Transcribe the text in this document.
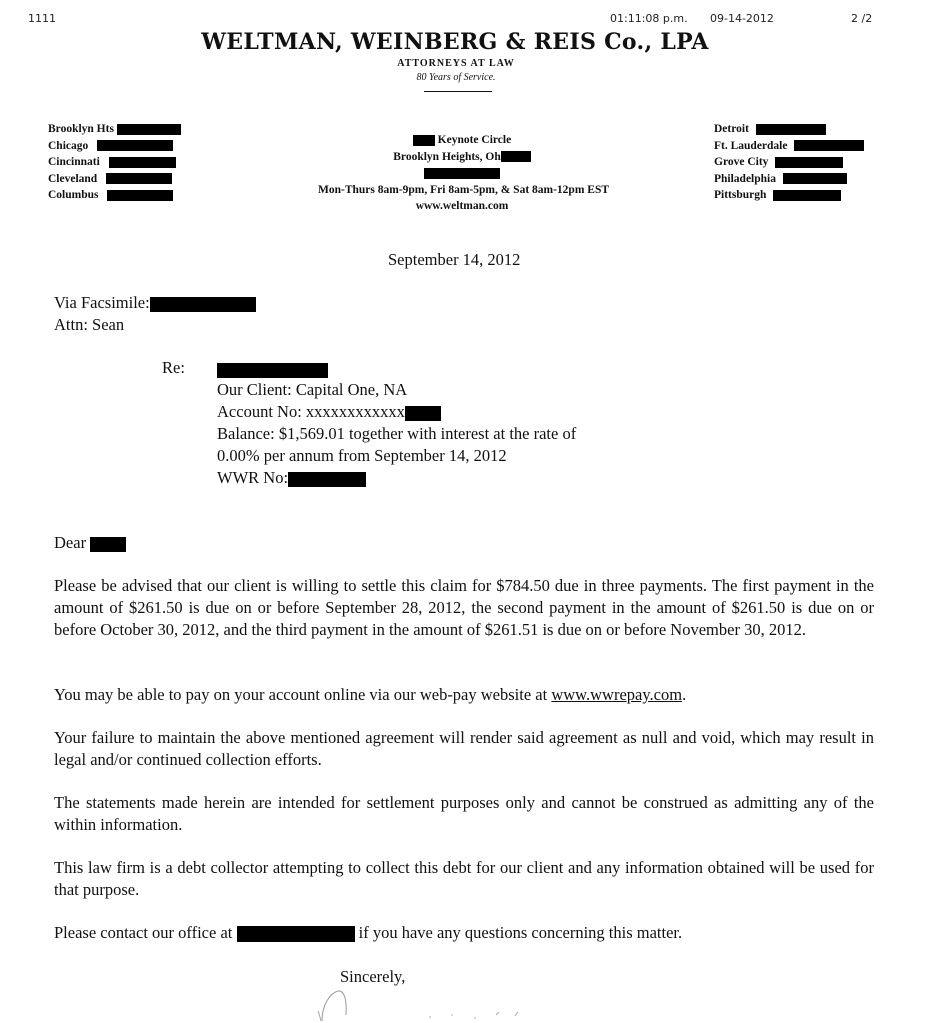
1111	01:11:08 p.m. 09-14-2012	2 /2
WELTMAN, WEINBERG & REIS Co., LPA
ATTORNEYS AT LAW
80 Years of Service.
Brooklyn Hts
Chicago
Cincinnati
Cleveland
Columbus
Keynote Circle
Brooklyn Heights, Oh
Mon-Thurs 8am-9pm, Fri 8am-5pm, & Sat 8am-12pm EST
www.weltman.com
Detroit
Ft. Lauderdale
Grove City
Philadelphia
Pittsburgh
September 14, 2012
Via Facsimile:
Attn: Sean
Re:
Our Client: Capital One, NA
Account No: xxxxxxxxxxxx
Balance: $1,569.01 together with interest at the rate of
0.00% per annum from September 14, 2012
WWR No:
Dear
Please be advised that our client is willing to settle this claim for $784.50 due in three payments. The first payment in the amount of $261.50 is due on or before September 28, 2012, the second payment in the amount of $261.50 is due on or before October 30, 2012, and the third payment in the amount of $261.51 is due on or before November 30, 2012.
You may be able to pay on your account online via our web-pay website at www.wwrepay.com.
Your failure to maintain the above mentioned agreement will render said agreement as null and void, which may result in legal and/or continued collection efforts.
The statements made herein are intended for settlement purposes only and cannot be construed as admitting any of the within information.
This law firm is a debt collector attempting to collect this debt for our client and any information obtained will be used for that purpose.
Please contact our office at	if you have any questions concerning this matter.
Sincerely,
